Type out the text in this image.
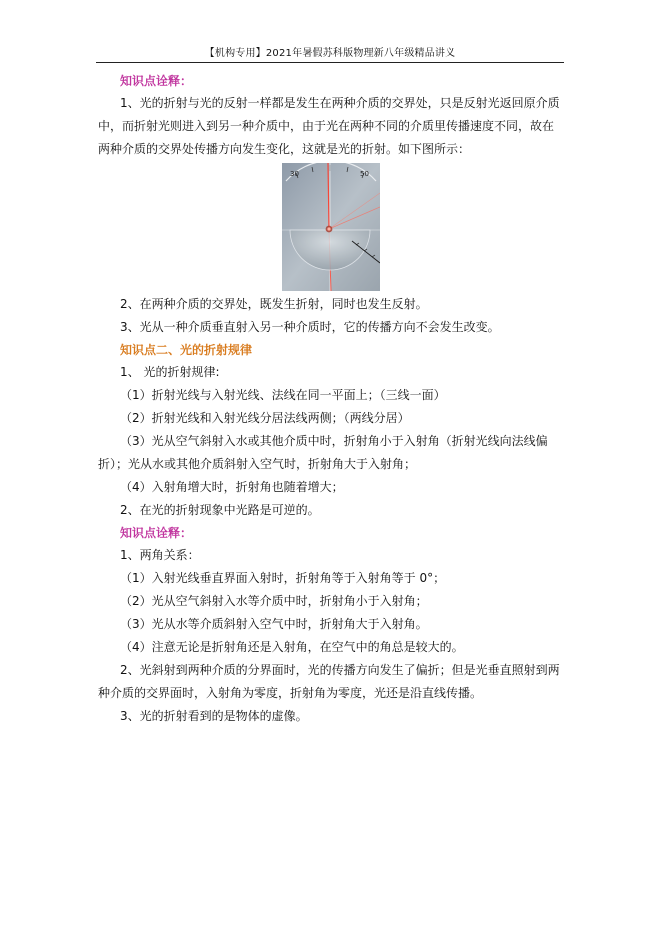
【机构专用】2021年暑假苏科版物理新八年级精品讲义
知识点诠释：
1、光的折射与光的反射一样都是发生在两种介质的交界处，只是反射光返回原介质中，而折射光则进入到另一种介质中，由于光在两种不同的介质里传播速度不同，故在两种介质的交界处传播方向发生变化，这就是光的折射。如下图所示：
30	50
2、在两种介质的交界处，既发生折射，同时也发生反射。
3、光从一种介质垂直射入另一种介质时，它的传播方向不会发生改变。
知识点二、光的折射规律
1、 光的折射规律:
（1）折射光线与入射光线、法线在同一平面上；（三线一面）
（2）折射光线和入射光线分居法线两侧；（两线分居）
（3）光从空气斜射入水或其他介质中时，折射角小于入射角（折射光线向法线偏折）；光从水或其他介质斜射入空气时，折射角大于入射角；
（4）入射角增大时，折射角也随着增大；
2、在光的折射现象中光路是可逆的。
知识点诠释：
1、两角关系：
（1）入射光线垂直界面入射时，折射角等于入射角等于 0°；
（2）光从空气斜射入水等介质中时，折射角小于入射角；
（3）光从水等介质斜射入空气中时，折射角大于入射角。
（4）注意无论是折射角还是入射角，在空气中的角总是较大的。
2、光斜射到两种介质的分界面时，光的传播方向发生了偏折；但是光垂直照射到两种介质的交界面时，入射角为零度，折射角为零度，光还是沿直线传播。
3、光的折射看到的是物体的虚像。
